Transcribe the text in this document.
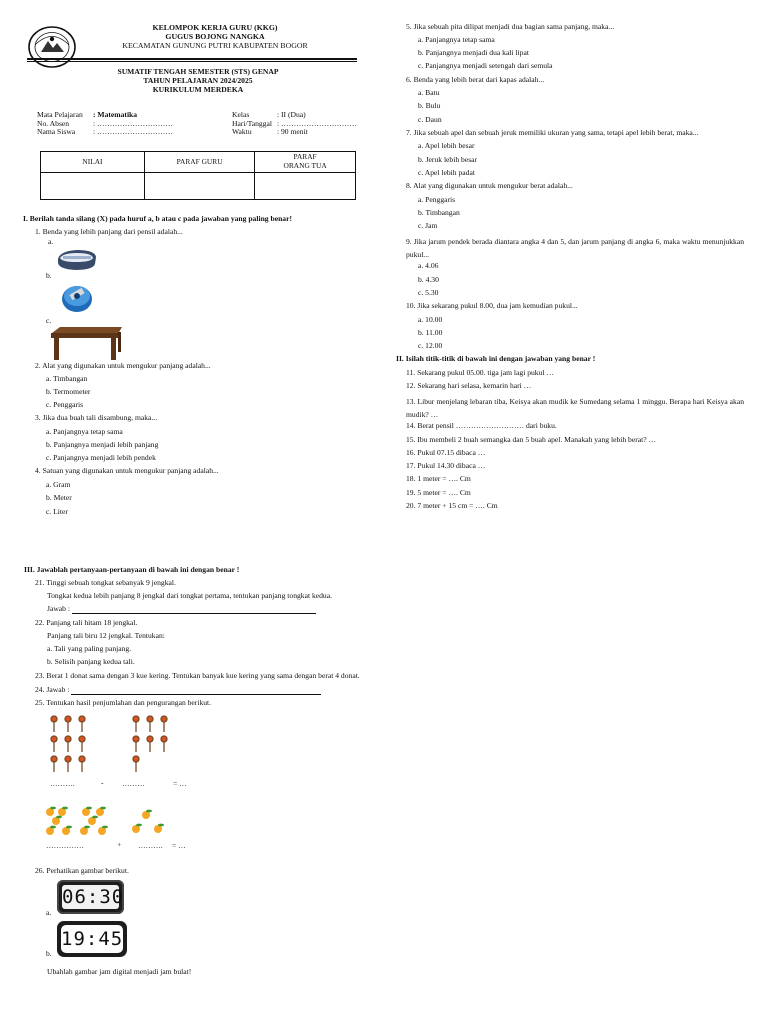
KELOMPOK KERJA GURU (KKG)
GUGUS BOJONG NANGKA
KECAMATAN GUNUNG PUTRI KABUPATEN BOGOR
SUMATIF TENGAH SEMESTER (STS) GENAP
TAHUN PELAJARAN 2024/2025
KURIKULUM MERDEKA
Mata Pelajaran : Matematika
No. Absen	: …………………………
Nama Siswa : …………………………
Kelas	: II (Dua)
Hari/Tanggal : …………………………
Waktu	: 90 menit
NILAI	PARAF GURU	PARAF
ORANG TUA

I. Berilah tanda silang (X) pada huruf a, b atau c pada jawaban yang paling benar!
1. Benda yang lebih panjang dari pensil adalah...
a.
b.
c.
2. Alat yang digunakan untuk mengukur panjang adalah...
a. Timbangan
b. Termometer
c. Penggaris
3. Jika dua buah tali disambung, maka...
a. Panjangnya tetap sama
b. Panjangnya menjadi lebih panjang
c. Panjangnya menjadi lebih pendek
4. Satuan yang digunakan untuk mengukur panjang adalah...
a. Gram
b. Meter
c. Liter
5. Jika sebuah pita dilipat menjadi dua bagian sama panjang, maka...
a. Panjangnya tetap sama
b. Panjangnya menjadi dua kali lipat
c. Panjangnya menjadi setengah dari semula
6. Benda yang lebih berat dari kapas adalah...
a. Batu
b. Bulu
c. Daun
7. Jika sebuah apel dan sebuah jeruk memiliki ukuran yang sama, tetapi apel lebih berat, maka...
a. Apel lebih besar
b. Jeruk lebih besar
c. Apel lebih padat
8. Alat yang digunakan untuk mengukur berat adalah...
a. Penggaris
b. Timbangan
c. Jam
9. Jika jarum pendek berada diantara angka 4 dan 5, dan jarum panjang di angka 6, maka waktu menunjukkan pukul...
a. 4.06
b. 4.30
c. 5.30
10. Jika sekarang pukul 8.00, dua jam kemudian pukul...
a. 10.00
b. 11.00
c. 12.00
II. Isilah titik-titik di bawah ini dengan jawaban yang benar !
11. Sekarang pukul 05.00. tiga jam lagi pukul …
12. Sekarang hari selasa, kemarin hari …
13. Libur menjelang lebaran tiba, Keisya akan mudik ke Sumedang selama 1 minggu. Berapa hari Keisya akan mudik? …
14. Berat pensil ……………………… dari buku.
15. Ibu membeli 2 buah semangka dan 5 buah apel. Manakah yang lebih berat? …
16. Pukul 07.15 dibaca …
17. Pukul 14.30 dibaca …
18. 1 meter = …. Cm
19. 5 meter = …. Cm
20. 7 meter + 15 cm = …. Cm
III. Jawablah pertanyaan-pertanyaan di bawah ini dengan benar !
21. Tinggi sebuah tongkat sebanyak 9 jengkal.
Tongkat kedua lebih panjang 8 jengkal dari tongkat pertama, tentukan panjang tongkat kedua.
Jawab :
22. Panjang tali hitam 18 jengkal.
Panjang tali biru 12 jengkal. Tentukan:
a. Tali yang paling panjang.
b. Selisih panjang kedua tali.
23. Berat 1 donat sama dengan 3 kue kering. Tentukan banyak kue kering yang sama dengan berat 4 donat.
24. Jawab :
25. Tentukan hasil penjumlahan dan pengurangan berikut.
……….	- ………	= …
……………	+ ………. = …
26. Perhatikan gambar berikut.
a.
06:30
b.
19:45
Ubahlah gambar jam digital menjadi jam bulat!
